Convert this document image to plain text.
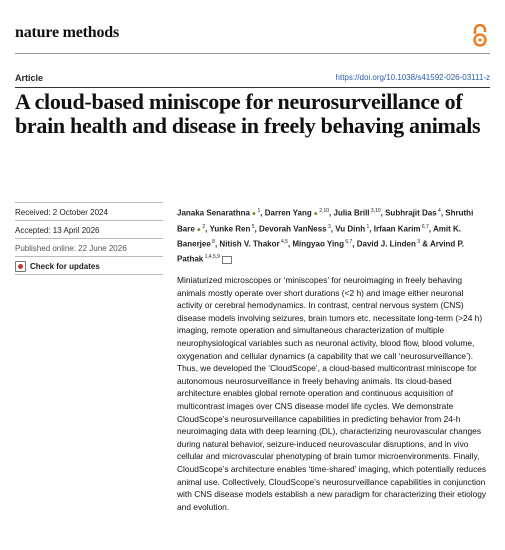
nature methods
Article	https://doi.org/10.1038/s41592-026-03111-z
A cloud-based miniscope for neurosurveillance of brain health and disease in freely behaving animals
Received: 2 October 2024
Accepted: 13 April 2026
Published online: 22 June 2026
Check for updates
Janaka Senarathna ● $^1$, Darren Yang ● $^{2,10}$, Julia Brill $^{3,10}$, Subhrajit Das $^4$, Shruthi Bare ● $^2$, Yunke Ren $^5$, Devorah VanNess $^3$, Vu Dinh $^1$, Irfaan Karim $^{6,7}$, Amit K. Banerjee $^8$, Nitish V. Thakor $^{4,5}$, Mingyao Ying $^{6,7}$, David J. Linden $^3$ & Arvind P. Pathak $^{1,4,5,9}$

Miniaturized microscopes or ‘miniscopes’ for neuroimaging in freely behaving animals mostly operate over short durations (<2 h) and image either neuronal activity or cerebral hemodynamics. In contrast, central nervous system (CNS) disease models involving seizures, brain tumors etc. necessitate long-term (>24 h) imaging, remote operation and simultaneous characterization of multiple neurophysiological variables such as neuronal activity, blood flow, blood volume, oxygenation and cellular dynamics (a capability that we call ‘neurosurveillance’). Thus, we developed the ‘CloudScope’, a cloud-based multicontrast miniscope for autonomous neurosurveillance in freely behaving animals. Its cloud-based architecture enables global remote operation and continuous acquisition of multicontrast images over CNS disease model life cycles. We demonstrate CloudScope’s neurosurveillance capabilities in predicting behavior from 24-h neuroimaging data with deep learning (DL), characterizing neurovascular changes during natural behavior, seizure-induced neurovascular disruptions, and in vivo cellular and microvascular phenotyping of brain tumor microenvironments. Finally, CloudScope’s architecture enables ‘time-shared’ imaging, which potentially reduces animal use. Collectively, CloudScope’s neurosurveillance capabilities in conjunction with CNS disease models establish a new paradigm for characterizing their etiology and evolution.
